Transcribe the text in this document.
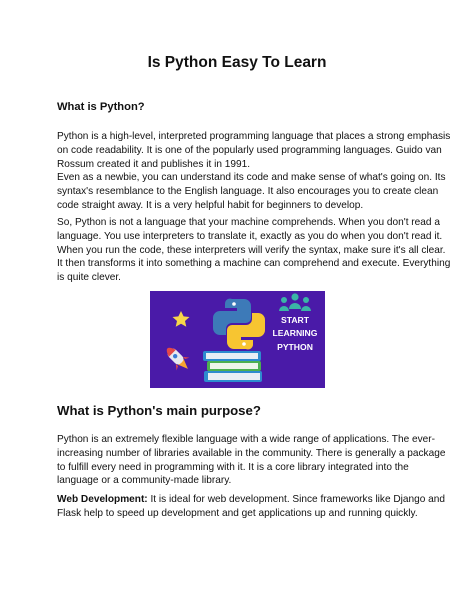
Is Python Easy To Learn
What is Python?
Python is a high-level, interpreted programming language that places a strong emphasis
on code readability. It is one of the popularly used programming languages. Guido van
Rossum created it and publishes it in 1991.
Even as a newbie, you can understand its code and make sense of what's going on. Its
syntax's resemblance to the English language. It also encourages you to create clean
code straight away. It is a very helpful habit for beginners to develop.
So, Python is not a language that your machine comprehends. When you don't read a
language. You use interpreters to translate it, exactly as you do when you don't read it.
When you run the code, these interpreters will verify the syntax, make sure it's all clear.
It then transforms it into something a machine can comprehend and execute. Everything
is quite clever.
START
LEARNING
PYTHON
What is Python's main purpose?
Python is an extremely flexible language with a wide range of applications. The ever-
increasing number of libraries available in the community. There is generally a package
to fulfill every need in programming with it. It is a core library integrated into the
language or a community-made library.
Web Development: It is ideal for web development. Since frameworks like Django and
Flask help to speed up development and get applications up and running quickly.
